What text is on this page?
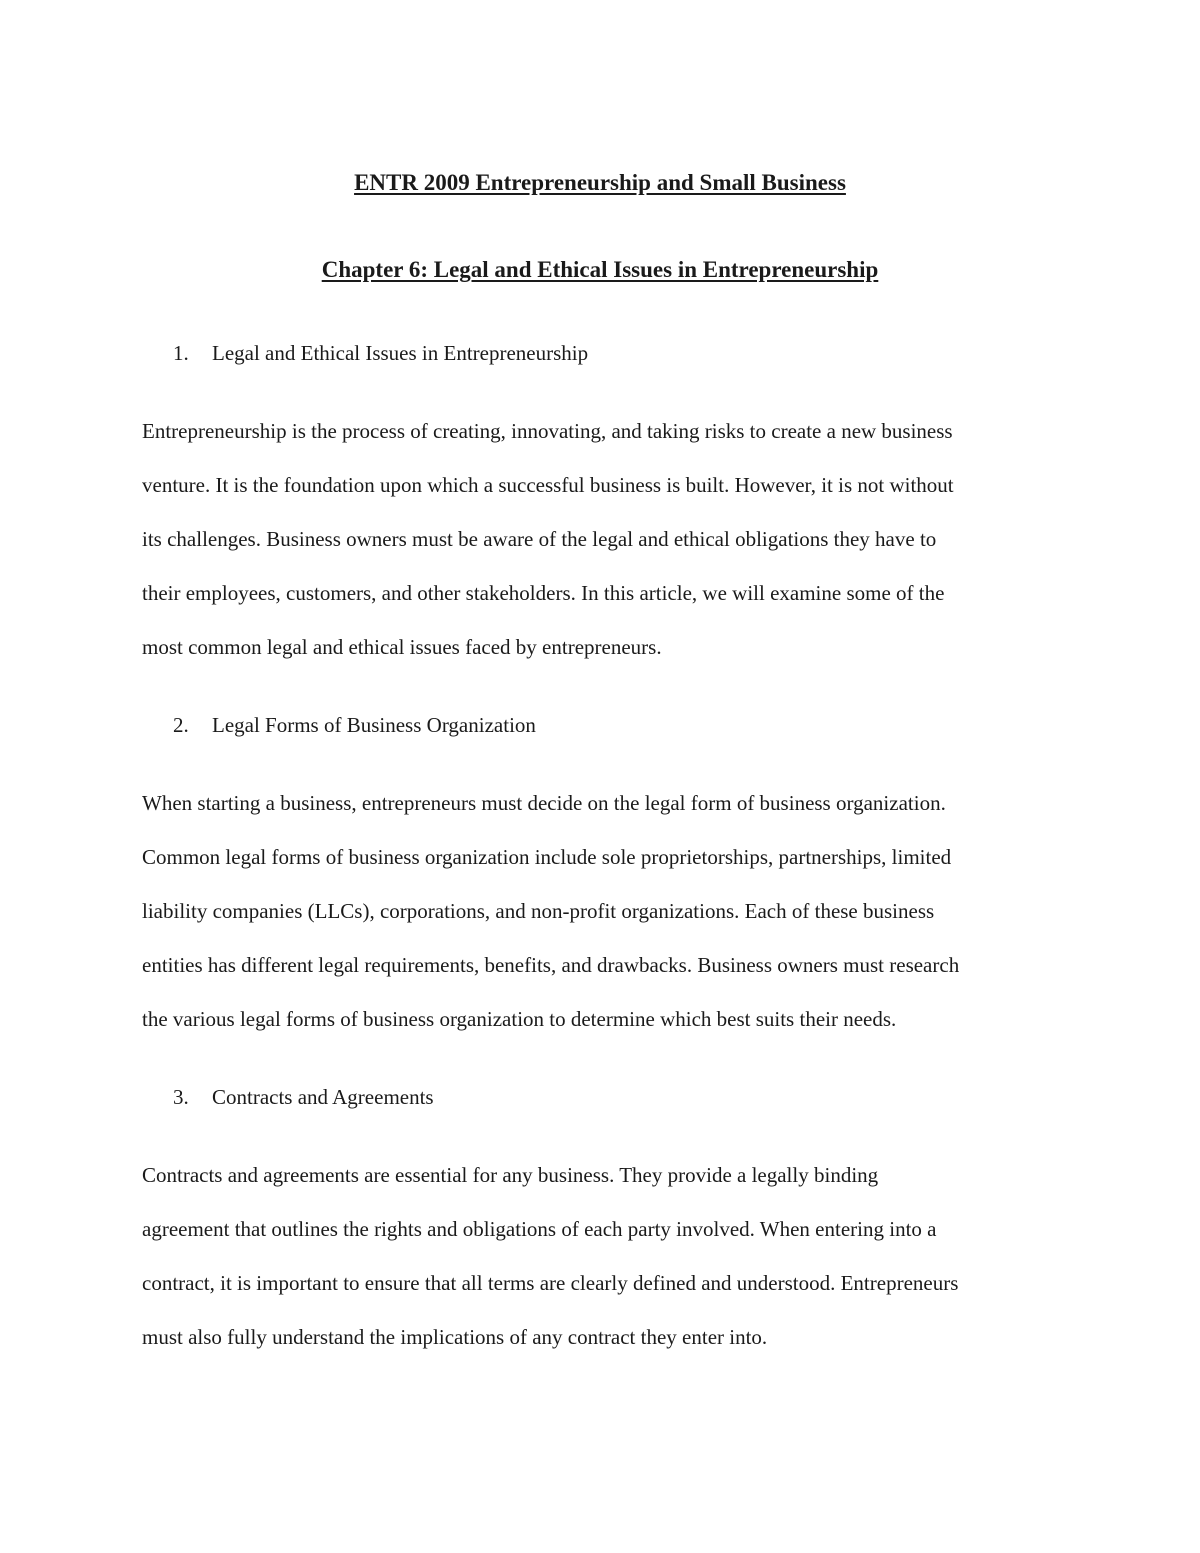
ENTR 2009 Entrepreneurship and Small Business
Chapter 6: Legal and Ethical Issues in Entrepreneurship
1. Legal and Ethical Issues in Entrepreneurship
Entrepreneurship is the process of creating, innovating, and taking risks to create a new business
venture. It is the foundation upon which a successful business is built. However, it is not without
its challenges. Business owners must be aware of the legal and ethical obligations they have to
their employees, customers, and other stakeholders. In this article, we will examine some of the
most common legal and ethical issues faced by entrepreneurs.
2. Legal Forms of Business Organization
When starting a business, entrepreneurs must decide on the legal form of business organization.
Common legal forms of business organization include sole proprietorships, partnerships, limited
liability companies (LLCs), corporations, and non-profit organizations. Each of these business
entities has different legal requirements, benefits, and drawbacks. Business owners must research
the various legal forms of business organization to determine which best suits their needs.
3. Contracts and Agreements
Contracts and agreements are essential for any business. They provide a legally binding
agreement that outlines the rights and obligations of each party involved. When entering into a
contract, it is important to ensure that all terms are clearly defined and understood. Entrepreneurs
must also fully understand the implications of any contract they enter into.
